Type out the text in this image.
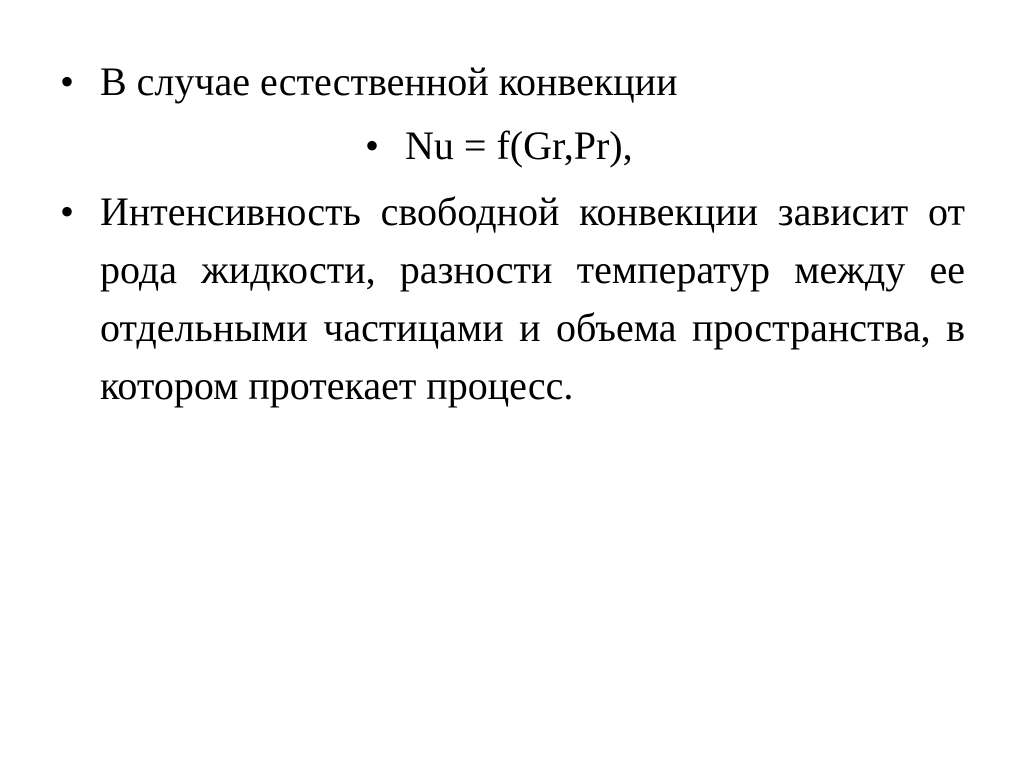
• В случае естественной конвекции
• Nu = f(Gr,Pr),
• Интенсивность свободной конвекции зависит от рода жидкости, разности температур между ее отдельными частицами и объема пространства, в котором протекает процесс.
